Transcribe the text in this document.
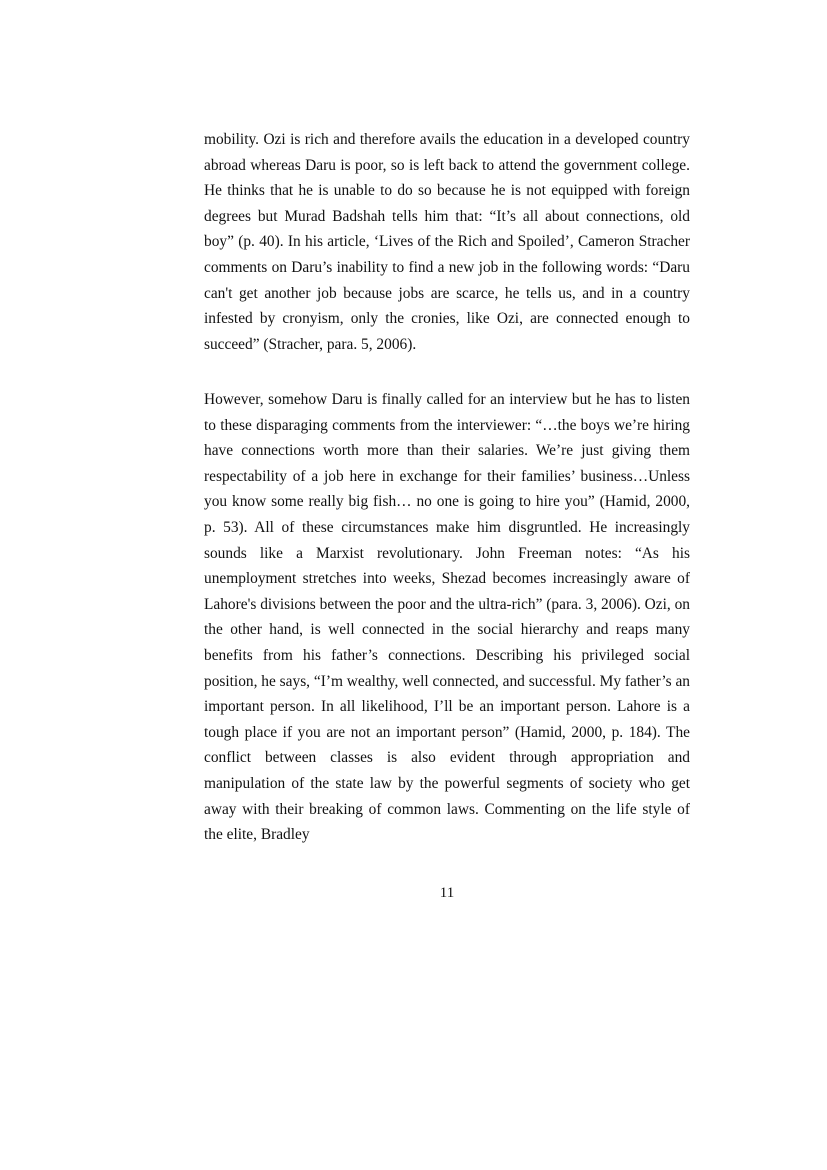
mobility. Ozi is rich and therefore avails the education in a developed country abroad whereas Daru is poor, so is left back to attend the government college. He thinks that he is unable to do so because he is not equipped with foreign degrees but Murad Badshah tells him that: “It’s all about connections, old boy” (p. 40). In his article, ‘Lives of the Rich and Spoiled’, Cameron Stracher comments on Daru’s inability to find a new job in the following words: “Daru can't get another job because jobs are scarce, he tells us, and in a country infested by cronyism, only the cronies, like Ozi, are connected enough to succeed” (Stracher, para. 5, 2006).

However, somehow Daru is finally called for an interview but he has to listen to these disparaging comments from the interviewer: “…the boys we’re hiring have connections worth more than their salaries. We’re just giving them respectability of a job here in exchange for their families’ business…Unless you know some really big fish… no one is going to hire you” (Hamid, 2000, p. 53). All of these circumstances make him disgruntled. He increasingly sounds like a Marxist revolutionary. John Freeman notes: “As his unemployment stretches into weeks, Shezad becomes increasingly aware of Lahore's divisions between the poor and the ultra-rich” (para. 3, 2006). Ozi, on the other hand, is well connected in the social hierarchy and reaps many benefits from his father’s connections. Describing his privileged social position, he says, “I’m wealthy, well connected, and successful. My father’s an important person. In all likelihood, I’ll be an important person. Lahore is a tough place if you are not an important person” (Hamid, 2000, p. 184). The conflict between classes is also evident through appropriation and manipulation of the state law by the powerful segments of society who get away with their breaking of common laws. Commenting on the life style of the elite, Bradley

11
